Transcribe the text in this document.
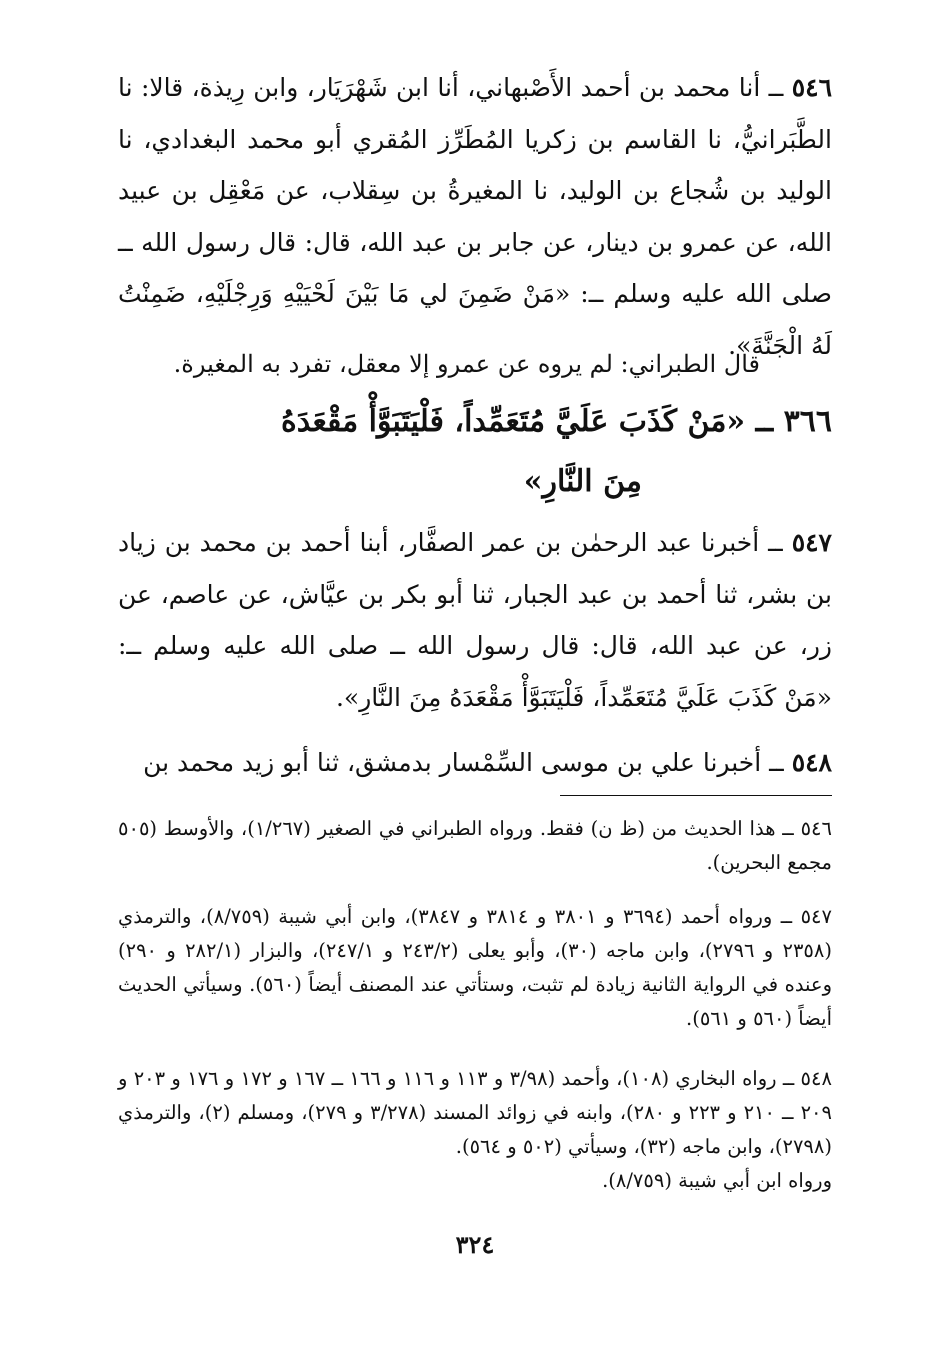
٥٤٦ ــ أنا محمد بن أحمد الأَصْبهاني، أنا ابن شَهْرَيَار، وابن رِيذة، قالا: نا الطَّبَرانيُّ، نا القاسم بن زكريا المُطَرِّز المُقري أبو محمد البغدادي، نا الوليد بن شُجاع بن الوليد، نا المغيرةُ بن سِقلاب، عن مَعْقِل بن عبيد الله، عن عمرو بن دينار، عن جابر بن عبد الله، قال: قال رسول الله ــ صلى الله عليه وسلم ــ: «مَنْ ضَمِنَ لي مَا بَيْنَ لَحْيَيْهِ وَرِجْلَيْهِ، ضَمِنْتُ لَهُ الْجَنَّةَ».

قال الطبراني: لم يروه عن عمرو إلا معقل، تفرد به المغيرة.

٣٦٦ ــ «مَنْ كَذَبَ عَلَيَّ مُتَعَمِّداً، فَلْيَتَبَوَّأْ مَقْعَدَهُ
مِنَ النَّارِ»

٥٤٧ ــ أخبرنا عبد الرحمٰن بن عمر الصفَّار، أبنا أحمد بن محمد بن زياد بن بشر، ثنا أحمد بن عبد الجبار، ثنا أبو بكر بن عيَّاش، عن عاصم، عن زر، عن عبد الله، قال: قال رسول الله ــ صلى الله عليه وسلم ــ: «مَنْ كَذَبَ عَلَيَّ مُتَعَمِّداً، فَلْيَتَبَوَّأْ مَقْعَدَهُ مِنَ النَّارِ».

٥٤٨ ــ أخبرنا علي بن موسى السِّمْسار بدمشق، ثنا أبو زيد محمد بن

٥٤٦ ــ هذا الحديث من (ظ ن) فقط. ورواه الطبراني في الصغير (١/٢٦٧)، والأوسط (٥٠٥ مجمع البحرين).
٥٤٧ ــ ورواه أحمد (٣٦٩٤ و ٣٨٠١ و ٣٨١٤ و ٣٨٤٧)، وابن أبي شيبة (٨/٧٥٩)، والترمذي (٢٣٥٨ و ٢٧٩٦)، وابن ماجه (٣٠)، وأبو يعلى (٢٤٣/٢ و ٢٤٧/١)، والبزار (٢٨٢/١ و ٢٩٠) وعنده في الرواية الثانية زيادة لم تثبت، وستأتي عند المصنف أيضاً (٥٦٠). وسيأتي الحديث أيضاً (٥٦٠ و ٥٦١).
٥٤٨ ــ رواه البخاري (١٠٨)، وأحمد (٣/٩٨ و ١١٣ و ١١٦ و ١٦٦ ــ ١٦٧ و ١٧٢ و ١٧٦ و ٢٠٣ و ٢٠٩ ــ ٢١٠ و ٢٢٣ و ٢٨٠)، وابنه في زوائد المسند (٣/٢٧٨ و ٢٧٩)، ومسلم (٢)، والترمذي (٢٧٩٨)، وابن ماجه (٣٢)، وسيأتي (٥٠٢ و ٥٦٤).
ورواه ابن أبي شيبة (٨/٧٥٩).
٣٢٤
